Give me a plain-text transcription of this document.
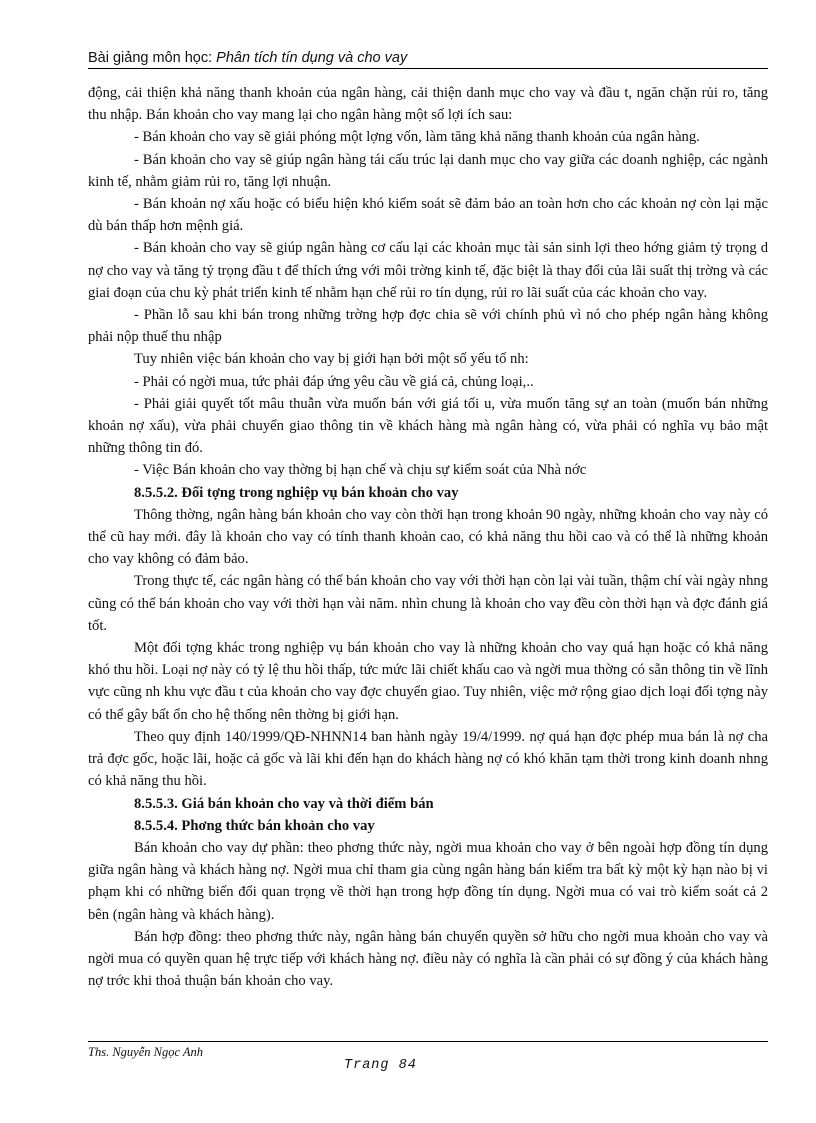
Bài giảng môn học: Phân tích tín dụng và cho vay

động, cải thiện khả năng thanh khoản của ngân hàng, cải thiện danh mục cho vay và đầu t, ngăn chặn rủi ro, tăng thu nhập. Bán khoản cho vay mang lại cho ngân hàng một số lợi ích sau:

- Bán khoản cho vay sẽ giải phóng một lợng vốn, làm tăng khả năng thanh khoản của ngân hàng.

- Bán khoản cho vay sẽ giúp ngân hàng tái cấu trúc lại danh mục cho vay giữa các doanh nghiệp, các ngành kinh tế, nhằm giảm rủi ro, tăng lợi nhuận.

- Bán khoản nợ xấu hoặc có biểu hiện khó kiểm soát sẽ đảm bảo an toàn hơn cho các khoản nợ còn lại mặc dù bán thấp hơn mệnh giá.

- Bán khoản cho vay sẽ giúp ngân hàng cơ cấu lại các khoản mục tài sản sinh lợi theo hớng giảm tỷ trọng d nợ cho vay và tăng tỷ trọng đầu t để thích ứng với môi trờng kinh tế, đặc biệt là thay đổi của lãi suất thị trờng và các giai đoạn của chu kỳ phát triển kinh tế nhằm hạn chế rủi ro tín dụng, rủi ro lãi suất của các khoản cho vay.

- Phần lỗ sau khi bán trong những trờng hợp đợc chia sẽ với chính phủ vì nó cho phép ngân hàng không phải nộp thuế thu nhập

Tuy nhiên việc bán khoản cho vay bị giới hạn bởi một số yếu tố nh:

- Phải có ngời mua, tức phải đáp ứng yêu cầu về giá cả, chủng loại,..

- Phải giải quyết tốt mâu thuẫn vừa muốn bán với giá tối u, vừa muốn tăng sự an toàn (muốn bán những khoản nợ xấu), vừa phải chuyển giao thông tin về khách hàng mà ngân hàng có, vừa phải có nghĩa vụ bảo mật những thông tin đó.

- Việc Bán khoản cho vay thờng bị hạn chế và chịu sự kiểm soát của Nhà nớc

8.5.5.2. Đối tợng trong nghiệp vụ bán khoản cho vay

Thông thờng, ngân hàng bán khoản cho vay còn thời hạn trong khoản 90 ngày, những khoản cho vay này có thể cũ hay mới. đây là khoản cho vay có tính thanh khoản cao, có khả năng thu hồi cao và có thể là những khoản cho vay không có đảm bảo.

Trong thực tế, các ngân hàng có thể bán khoản cho vay với thời hạn còn lại vài tuần, thậm chí vài ngày nhng cũng có thể bán khoản cho vay với thời hạn vài năm. nhìn chung là khoản cho vay đều còn thời hạn và đợc đánh giá tốt.

Một đối tợng khác trong nghiệp vụ bán khoản cho vay là những khoản cho vay quá hạn hoặc có khả năng khó thu hồi. Loại nợ này có tỷ lệ thu hồi thấp, tức mức lãi chiết khấu cao và ngời mua thờng có sẵn thông tin về lĩnh vực cũng nh khu vực đầu t của khoản cho vay đợc chuyển giao. Tuy nhiên, việc mở rộng giao dịch loại đối tợng này có thể gây bất ổn cho hệ thống nên thờng bị giới hạn.

Theo quy định 140/1999/QĐ-NHNN14 ban hành ngày 19/4/1999. nợ quá hạn đợc phép mua bán là nợ cha trả đợc gốc, hoặc lãi, hoặc cả gốc và lãi khi đến hạn do khách hàng nợ có khó khăn tạm thời trong kinh doanh nhng có khả năng thu hồi.

8.5.5.3. Giá bán khoản cho vay và thời điểm bán

8.5.5.4. Phơng thức bán khoản cho vay

Bán khoản cho vay dự phần: theo phơng thức này, ngời mua khoản cho vay ở bên ngoài hợp đồng tín dụng giữa ngân hàng và khách hàng nợ. Ngời mua chỉ tham gia cùng ngân hàng bán kiểm tra bất kỳ một kỳ hạn nào bị vi phạm khi có những biến đổi quan trọng về thời hạn trong hợp đồng tín dụng. Ngời mua có vai trò kiểm soát cả 2 bên (ngân hàng và khách hàng).

Bán hợp đồng: theo phơng thức này, ngân hàng bán chuyển quyền sở hữu cho ngời mua khoản cho vay và ngời mua có quyền quan hệ trực tiếp với khách hàng nợ. điều này có nghĩa là cần phải có sự đồng ý của khách hàng nợ trớc khi thoả thuận bán khoản cho vay.

Ths. Nguyễn Ngọc Anh
Trang 84
